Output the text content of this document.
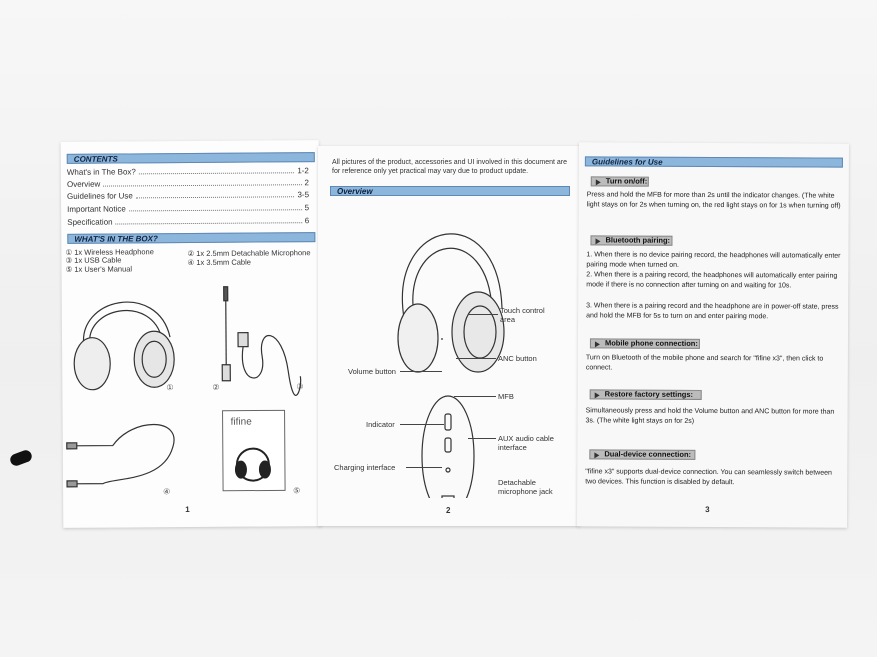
CONTENTS
What's in The Box?	1-2
Overview	2
Guidelines for Use	3-5
Important Notice	5
Specification	6
WHAT'S IN THE BOX?
① 1x Wireless Headphone	② 1x 2.5mm Detachable Microphone
③ 1x USB Cable	④ 1x 3.5mm Cable
⑤ 1x User's Manual
fifine
①	②	③
④	⑤
1
All pictures of the product, accessories and UI involved in this document are for reference only yet practical may vary due to product update.
Overview
Touch control area
ANC button
Volume button
MFB
Indicator
AUX audio cable interface
Charging interface
Detachable microphone jack
2
Guidelines for Use
Turn on/off:
Press and hold the MFB for more than 2s until the indicator changes. (The white light stays on for 2s when turning on, the red light stays on for 1s when turning off)
Bluetooth pairing:
1. When there is no device pairing record, the headphones will automatically enter pairing mode when turned on.
2. When there is a pairing record, the headphones will automatically enter pairing mode if there is no connection after turning on and waiting for 10s.
3. When there is a pairing record and the headphone are in power-off state, press and hold the MFB for 5s to turn on and enter pairing mode.
Mobile phone connection:
Turn on Bluetooth of the mobile phone and search for "fifine x3", then click to connect.
Restore factory settings:
Simultaneously press and hold the Volume button and ANC button for more than 3s. (The white light stays on for 2s)
Dual-device connection:
"fifine x3" supports dual-device connection. You can seamlessly switch between two devices. This function is disabled by default.
3
